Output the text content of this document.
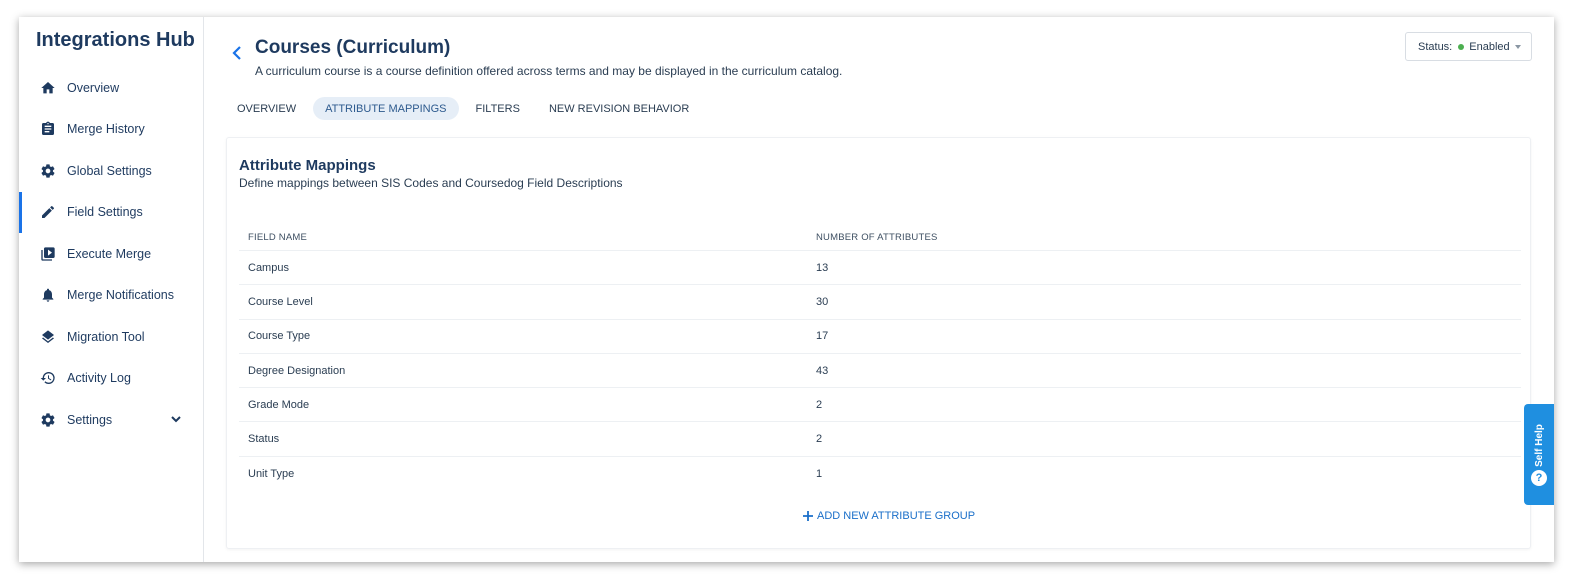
Integrations Hub
Overview
Merge History
Global Settings
Field Settings
Execute Merge
Merge Notifications
Migration Tool
Activity Log
Settings
Courses (Curriculum)

A curriculum course is a course definition offered across terms and may be displayed in the curriculum catalog.

Status: Enabled
OVERVIEW	ATTRIBUTE MAPPINGS	FILTERS	NEW REVISION BEHAVIOR
Attribute Mappings

Define mappings between SIS Codes and Coursedog Field Descriptions

FIELD NAME	NUMBER OF ATTRIBUTES
Campus	13
Course Level	30
Course Type	17
Degree Designation	43
Grade Mode	2
Status	2
Unit Type	1
ADD NEW ATTRIBUTE GROUP
Self Help
?
